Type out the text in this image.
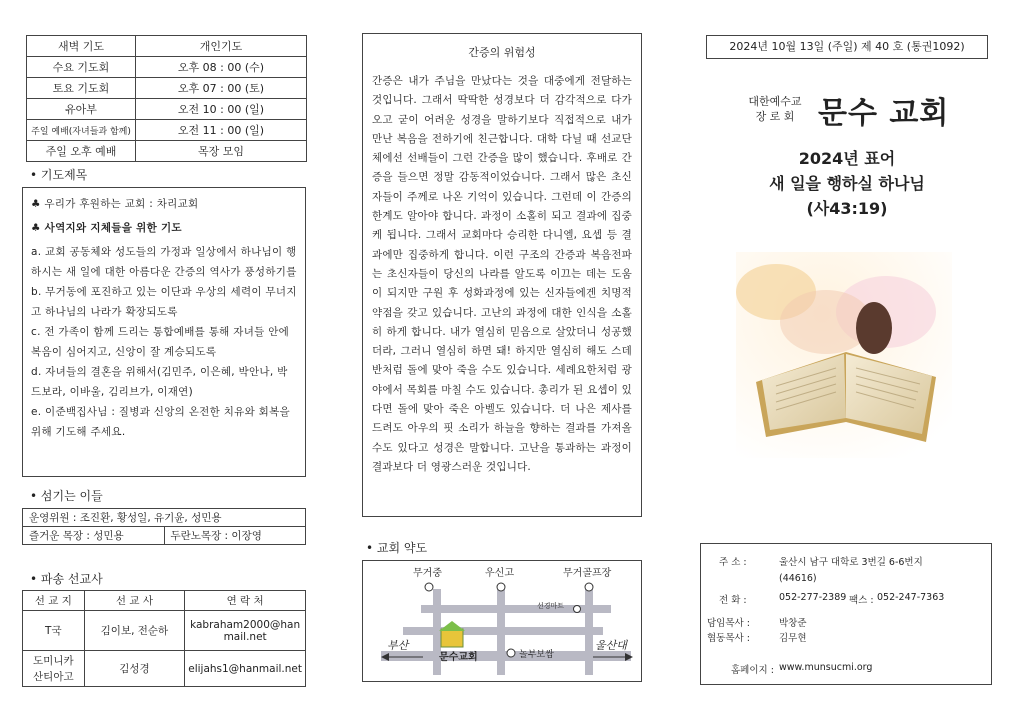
새벽 기도	개인기도
수요 기도회	오후 08 : 00 (수)
토요 기도회	오후 07 : 00 (토)
유아부	오전 10 : 00 (일)
주일 예배(자녀들과 함께)	오전 11 : 00 (일)
주일 오후 예배	목장 모임
• 기도제목

♣ 우리가 후원하는 교회 : 차리교회

♣ 사역지와 지체들을 위한 기도

a. 교회 공동체와 성도들의 가정과 일상에서 하나님이 행하시는 새 일에 대한 아름다운 간증의 역사가 풍성하기를

b. 무거동에 포진하고 있는 이단과 우상의 세력이 무너지고 하나님의 나라가 확장되도록

c. 전 가족이 함께 드리는 통합예배를 통해 자녀들 안에 복음이 심어지고, 신앙이 잘 계승되도록

d. 자녀들의 결혼을 위해서(김민주, 이은혜, 박안나, 박드보라, 이바울, 김리브가, 이재연)

e. 이준백집사님 : 질병과 신앙의 온전한 치유와 회복을 위해 기도해 주세요.

• 섬기는 이들
운영위원 : 조진환, 황성일, 유기윤, 성민용
즐거운 목장 : 성민용	두란노목장 : 이장영
• 파송 선교사
선 교 지	선 교 사	연 락 처
T국	김이보, 전순하	kabraham2000@hanmail.net
도미니카
산티아고	김성경	elijahs1@hanmail.net
간증의 위험성
간증은 내가 주님을 만났다는 것을 대중에게 전달하는 것입니다. 그래서 딱딱한 성경보다 더 감각적으로 다가오고 굳이 어려운 성경을 말하기보다 직접적으로 내가 만난 복음을 전하기에 친근합니다. 대학 다닐 때 선교단체에선 선배들이 그런 간증을 많이 했습니다. 후배로 간증을 들으면 정말 감동적이었습니다. 그래서 많은 초신자들이 주께로 나온 기억이 있습니다. 그런데 이 간증의 한계도 알아야 합니다. 과정이 소홀히 되고 결과에 집중케 됩니다. 그래서 교회마다 승리한 다니엘, 요셉 등 결과에만 집중하게 합니다. 이런 구조의 간증과 복음전파는 초신자들이 당신의 나라를 알도록 이끄는 데는 도움이 되지만 구원 후 성화과정에 있는 신자들에겐 치명적 약점을 갖고 있습니다. 고난의 과정에 대한 인식을 소홀히 하게 합니다. 내가 열심히 믿음으로 살았더니 성공했더라, 그러니 열심히 하면 돼! 하지만 열심히 해도 스데반처럼 돌에 맞아 죽을 수도 있습니다. 세례요한처럼 광야에서 목회를 마칠 수도 있습니다. 총리가 된 요셉이 있다면 돌에 맞아 죽은 아벨도 있습니다. 더 나은 제사를 드려도 아우의 핏 소리가 하늘을 향하는 결과를 가져올 수도 있다고 성경은 말합니다. 고난을 통과하는 과정이 결과보다 더 영광스러운 것입니다.
• 교회 약도
무거중	우신고	무거골프장
선경마트
부산
문수교회	놀부보쌈
울산대
2024년 10월 13일 (주일) 제 40 호 (통권1092)
대한예수교
장 로 회 문수 교회
2024년 표어
새 일을 행하실 하나님
(사43:19)
주 소 :	울산시 남구 대학로 3번길 6-6번지
(44616)
전 화 :	052-277-2389 팩스 : 052-247-7363
담임목사 :	박창준
협동목사 :	김무현
홈페이지 : www.munsucmi.org
